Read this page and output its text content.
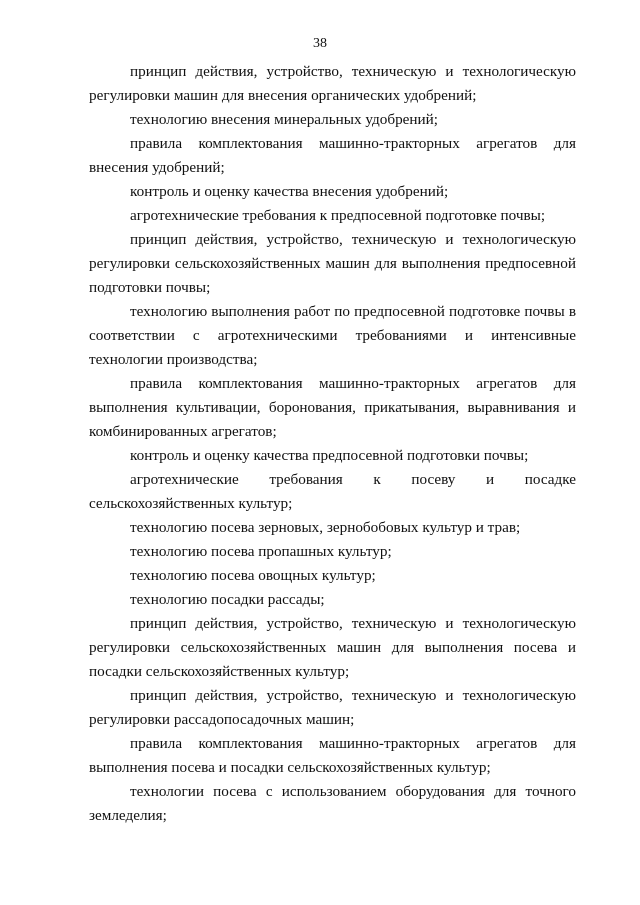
38

принцип действия, устройство, техническую и технологическую регулировки машин для внесения органических удобрений;

технологию внесения минеральных удобрений;

правила комплектования машинно-тракторных агрегатов для внесения удобрений;

контроль и оценку качества внесения удобрений;

агротехнические требования к предпосевной подготовке почвы;

принцип действия, устройство, техническую и технологическую регулировки сельскохозяйственных машин для выполнения предпосевной подготовки почвы;

технологию выполнения работ по предпосевной подготовке почвы в соответствии с агротехническими требованиями и интенсивные технологии производства;

правила комплектования машинно-тракторных агрегатов для выполнения культивации, боронования, прикатывания, выравнивания и комбинированных агрегатов;

контроль и оценку качества предпосевной подготовки почвы;

агротехнические требования к посеву и посадке сельскохозяйственных культур;

технологию посева зерновых, зернобобовых культур и трав;

технологию посева пропашных культур;

технологию посева овощных культур;

технологию посадки рассады;

принцип действия, устройство, техническую и технологическую регулировки сельскохозяйственных машин для выполнения посева и посадки сельскохозяйственных культур;

принцип действия, устройство, техническую и технологическую регулировки рассадопосадочных машин;

правила комплектования машинно-тракторных агрегатов для выполнения посева и посадки сельскохозяйственных культур;

технологии посева с использованием оборудования для точного земледелия;
